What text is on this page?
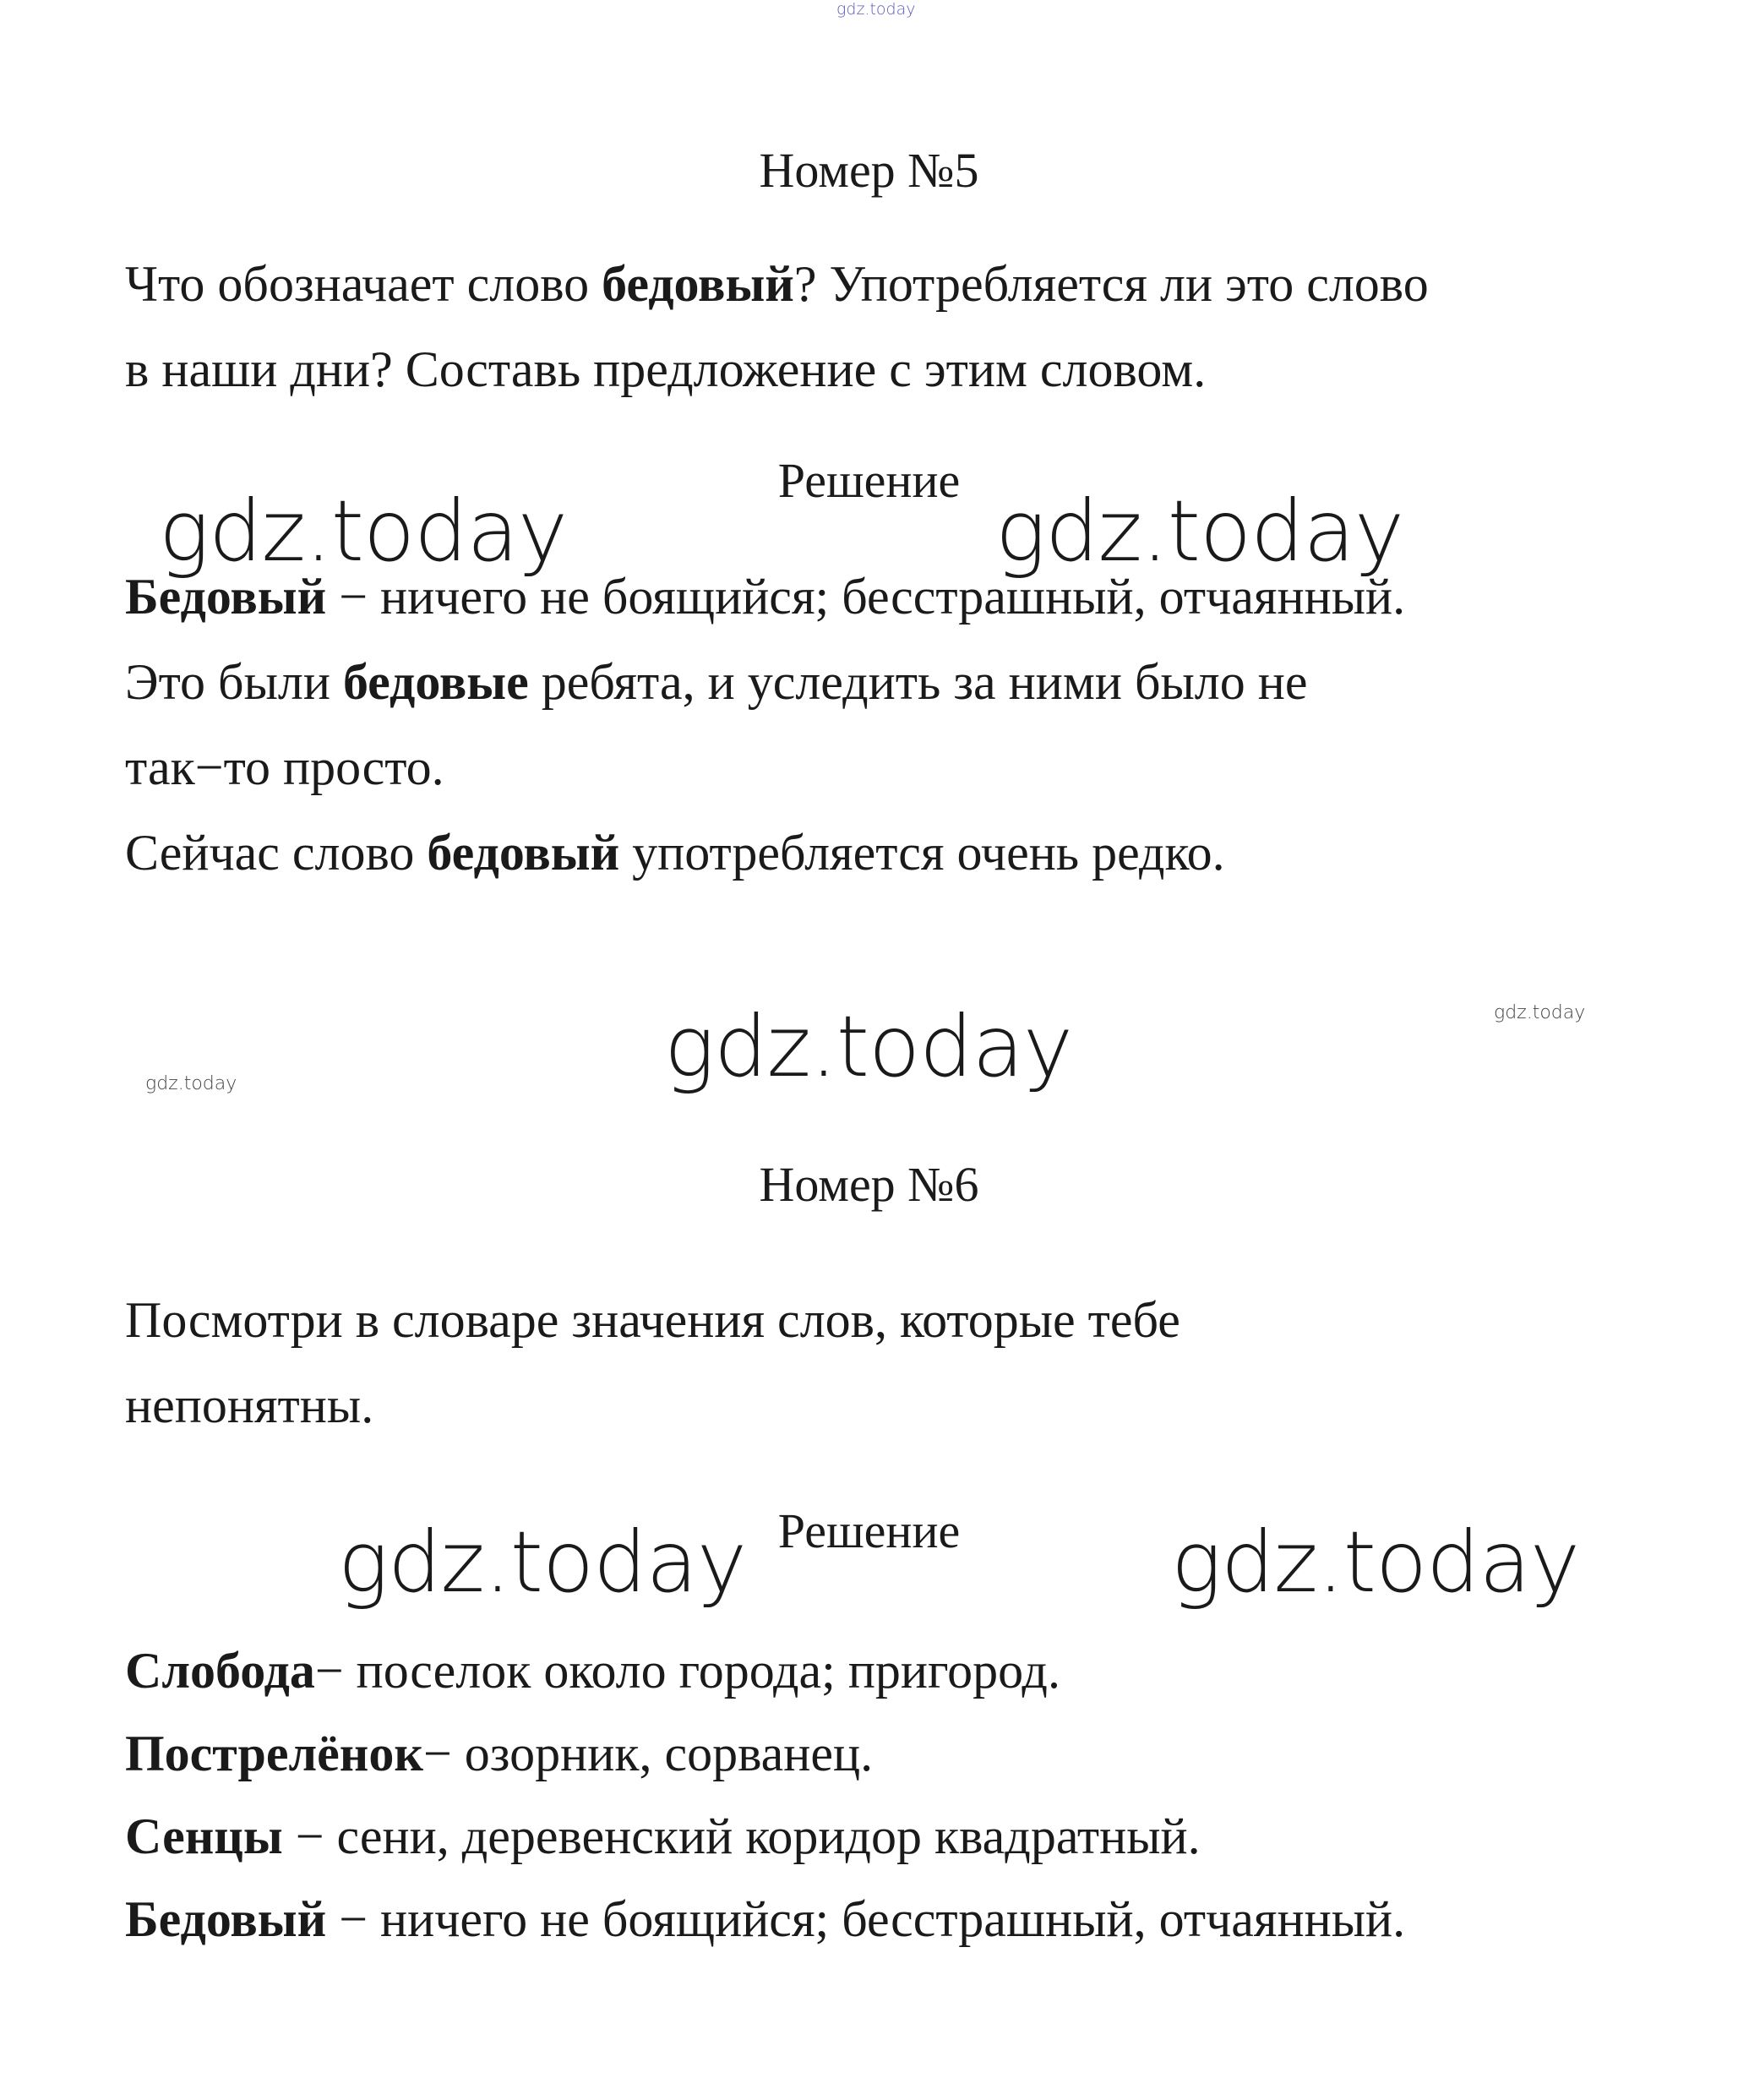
gdz.today
gdz.today	gdz.today
gdz.today	gdz.today
gdz.today
gdz.today	gdz.today
Номер №5
Что обозначает слово бедовый? Употребляется ли это слово
в наши дни? Составь предложение с этим словом.
Решение
Бедовый − ничего не боящийся; бесстрашный, отчаянный.
Это были бедовые ребята, и уследить за ними было не
так−то просто.
Сейчас слово бедовый употребляется очень редко.
Номер №6
Посмотри в словаре значения слов, которые тебе
непонятны.
Решение
Слобода− поселок около города; пригород.
Пострелёнок− озорник, сорванец.
Сенцы − сени, деревенский коридор квадратный.
Бедовый − ничего не боящийся; бесстрашный, отчаянный.
